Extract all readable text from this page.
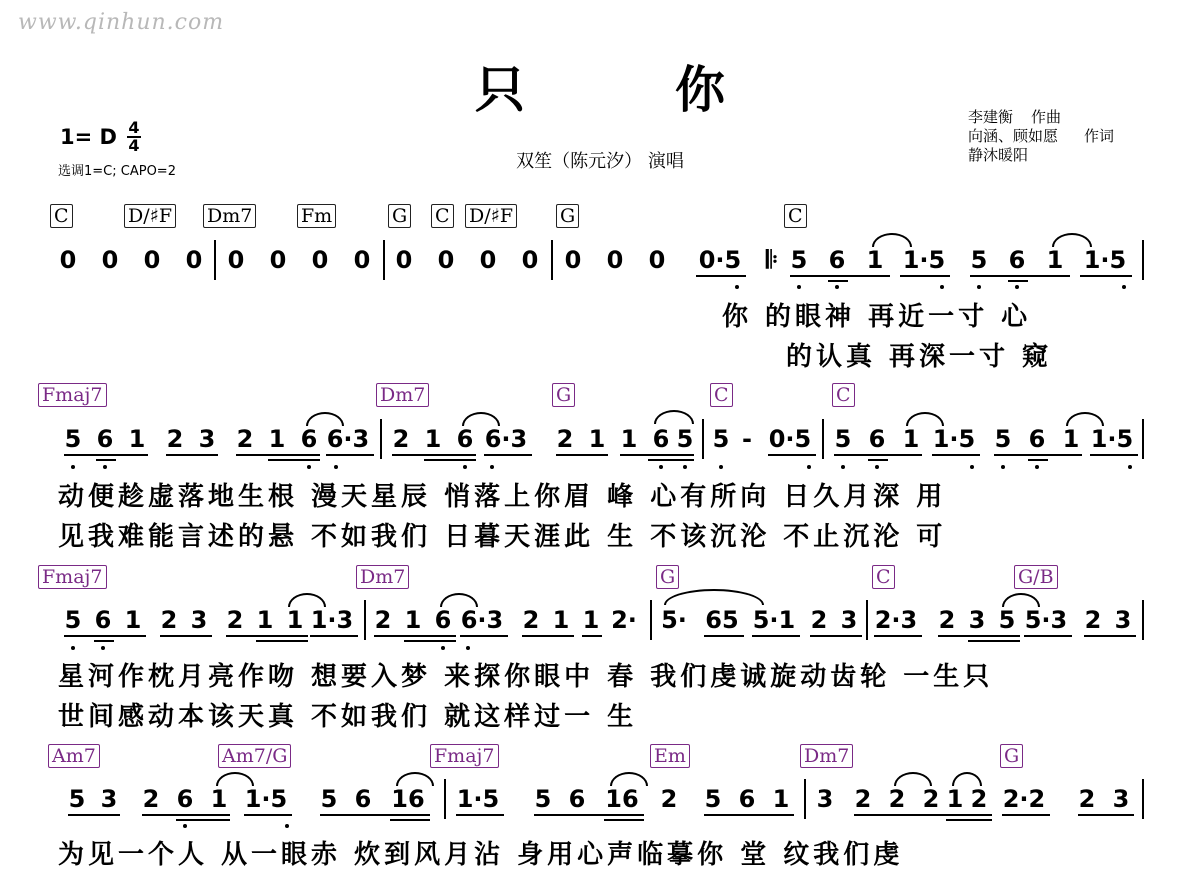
www.qinhun.com
只	你
1= D $\frac{4}{4}$
选调1=C; CAPO=2	双笙（陈元汐） 演唱
李建衡 作曲
向涵、顾如愿 作词
静沐暖阳
C	D/♯F Dm7	Fm	G C D/♯F G	C
0 0 0 0 0 0 0 0 0 0 0 0 0 0 0	0·5	𝄆 5 6 1 1·5 5 6 1 1·5
你 的眼神 再近一寸 心
的认真 再深一寸 窥
Fmaj7	Dm7	G	C	C
5 6 1 2 3 2 1 6 6·3 2 1 6 6·3 2 1 1 6 5 5 - 0·5 5 6 1 1·5 5 6 1 1·5
动便趁虚落地生根 漫天星辰 悄落上你眉 峰 心有所向 日久月深 用
见我难能言述的悬 不如我们 日暮天涯此 生 不该沉沦 不止沉沦 可
Fmaj7	Dm7	G	C	G/B
5 6 1 2 3 2 1 1 1·3 2 1 6 6·3 2 1 1 2· 5· 65 5·1 2 3 2·3 2 3 5 5·3 2 3
星河作枕月亮作吻 想要入梦 来探你眼中 春 我们虔诚旋动齿轮 一生只
世间感动本该天真 不如我们 就这样过一 生
Am7	Am7/G	Fmaj7	Em	Dm7	G
5 3 2 6 1 1·5 5 6 16 1·5 5 6 16 2 5 6 1 3 2 2 2 1 2 2·2 2 3
为见一个人 从一眼赤 炊到风月沾 身用心声临摹你 堂 纹我们虔
